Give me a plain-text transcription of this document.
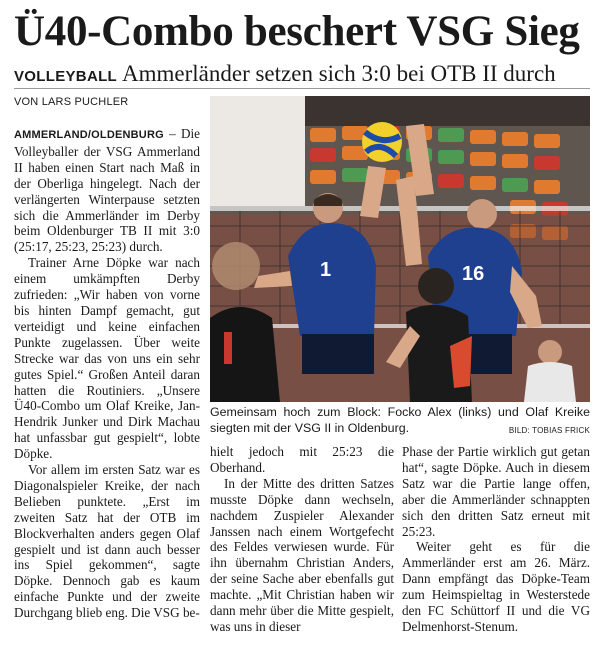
Ü40-Combo beschert VSG Sieg
VOLLEYBALL Ammerländer setzen sich 3:0 bei OTB II durch
VON LARS PUCHLER

AMMERLAND/OLDENBURG – Die Volleyballer der VSG Ammerland II haben einen Start nach Maß in der Oberliga hingelegt. Nach der verlängerten Winterpause setzten sich die Ammerländer im Derby beim Oldenburger TB II mit 3:0 (25:17, 25:23, 25:23) durch.

Trainer Arne Döpke war nach einem umkämpften Derby zufrieden: „Wir haben von vorne bis hinten Dampf gemacht, gut verteidigt und keine einfachen Punkte zugelassen. Über weite Strecke war das von uns ein sehr gutes Spiel.“ Großen Anteil daran hatten die Routiniers. „Unsere Ü40-Combo um Olaf Kreike, Jan-Hendrik Junker und Dirk Machau hat unfassbar gut gespielt“, lobte Döpke.

Vor allem im ersten Satz war es Diagonalspieler Kreike, der nach Belieben punktete. „Erst im zweiten Satz hat der OTB im Blockverhalten anders gegen Olaf gespielt und ist dann auch besser ins Spiel gekommen“, sagte Döpke. Dennoch gab es kaum einfache Punkte und der zweite Durchgang blieb eng. Die VSG be-

1	16
Gemeinsam hoch zum Block: Focko Alex (links) und Olaf Kreike siegten mit der VSG II in Oldenburg.	BILD: TOBIAS FRICK

hielt jedoch mit 25:23 die Oberhand.

In der Mitte des dritten Satzes musste Döpke dann wechseln, nachdem Zuspieler Alexander Janssen nach einem Wortgefecht des Feldes verwiesen wurde. Für ihn übernahm Christian Anders, der seine Sache aber ebenfalls gut machte. „Mit Christian haben wir dann mehr über die Mitte gespielt, was uns in dieser

Phase der Partie wirklich gut getan hat“, sagte Döpke. Auch in diesem Satz war die Partie lange offen, aber die Ammerländer schnappten sich den dritten Satz erneut mit 25:23.

Weiter geht es für die Ammerländer erst am 26. März. Dann empfängt das Döpke-Team zum Heimspieltag in Westerstede den FC Schüttorf II und die VG Delmenhorst-Stenum.
